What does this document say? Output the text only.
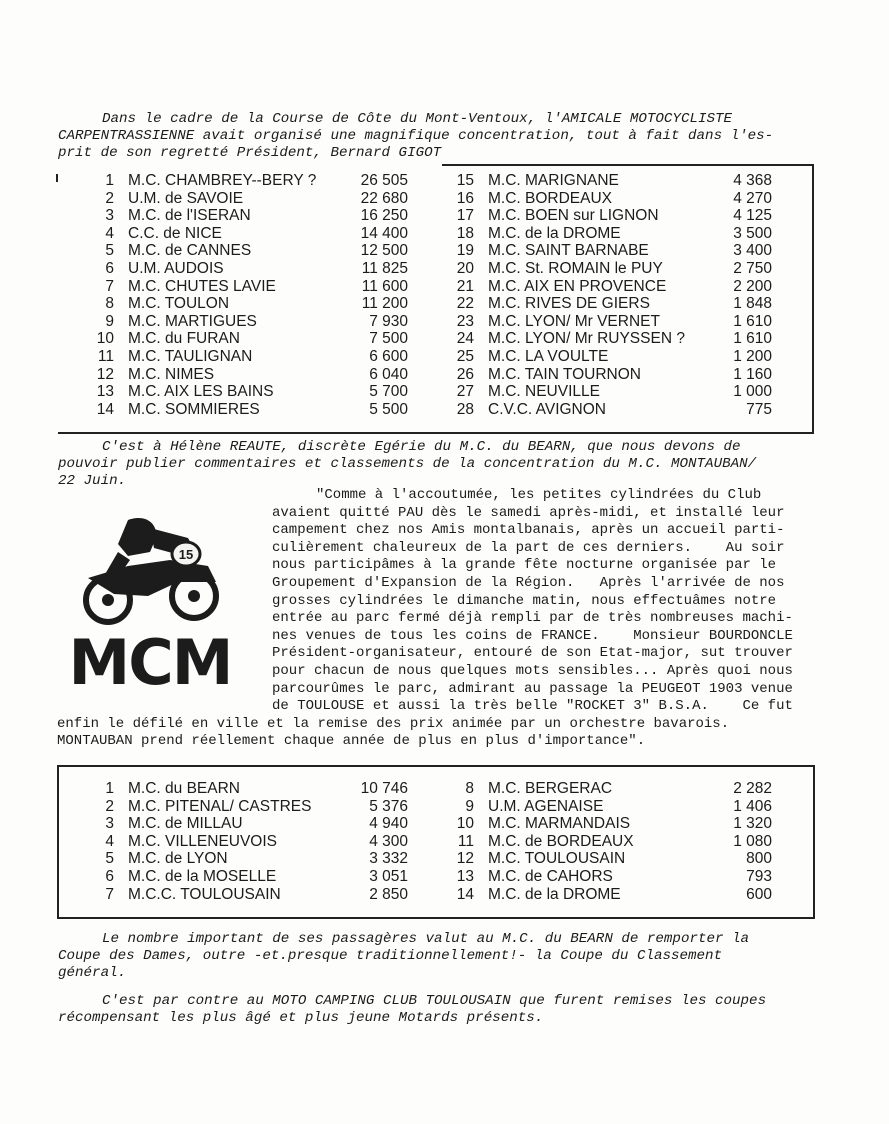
Dans le cadre de la Course de Côte du Mont-Ventoux, l'AMICALE MOTOCYCLISTE
CARPENTRASSIENNE avait organisé une magnifique concentration, tout à fait dans l'es-
prit de son regretté Président, Bernard GIGOT
1 M.C. CHAMBREY--BERY ?	26 505
2 U.M. de SAVOIE	22 680
3 M.C. de l'ISERAN	16 250
4 C.C. de NICE	14 400
5 M.C. de CANNES	12 500
6 U.M. AUDOIS	11 825
7 M.C. CHUTES LAVIE	11 600
8 M.C. TOULON	11 200
9 M.C. MARTIGUES	7 930
10 M.C. du FURAN	7 500
11 M.C. TAULIGNAN	6 600
12 M.C. NIMES	6 040
13 M.C. AIX LES BAINS	5 700
14 M.C. SOMMIERES	5 500
15 M.C. MARIGNANE	4 368
16 M.C. BORDEAUX	4 270
17 M.C. BOEN sur LIGNON	4 125
18 M.C. de la DROME	3 500
19 M.C. SAINT BARNABE	3 400
20 M.C. St. ROMAIN le PUY	2 750
21 M.C. AIX EN PROVENCE	2 200
22 M.C. RIVES DE GIERS	1 848
23 M.C. LYON/ Mr VERNET	1 610
24 M.C. LYON/ Mr RUYSSEN ?	1 610
25 M.C. LA VOULTE	1 200
26 M.C. TAIN TOURNON	1 160
27 M.C. NEUVILLE	1 000
28 C.V.C. AVIGNON	775
C'est à Hélène REAUTE, discrète Egérie du M.C. du BEARN, que nous devons de
pouvoir publier commentaires et classements de la concentration du M.C. MONTAUBAN/
22 Juin.
15
MCM
"Comme à l'accoutumée, les petites cylindrées du Club
avaient quitté PAU dès le samedi après-midi, et installé leur
campement chez nos Amis montalbanais, après un accueil parti-
culièrement chaleureux de la part de ces derniers.    Au soir
nous participâmes à la grande fête nocturne organisée par le
Groupement d'Expansion de la Région.   Après l'arrivée de nos
grosses cylindrées le dimanche matin, nous effectuâmes notre
entrée au parc fermé déjà rempli par de très nombreuses machi-
nes venues de tous les coins de FRANCE.    Monsieur BOURDONCLE
Président-organisateur, entouré de son Etat-major, sut trouver
pour chacun de nous quelques mots sensibles... Après quoi nous
parcourûmes le parc, admirant au passage la PEUGEOT 1903 venue
de TOULOUSE et aussi la très belle "ROCKET 3" B.S.A.    Ce fut
enfin le défilé en ville et la remise des prix animée par un orchestre bavarois.
MONTAUBAN prend réellement chaque année de plus en plus d'importance".
1 M.C. du BEARN	10 746
2 M.C. PITENAL/ CASTRES	5 376
3 M.C. de MILLAU	4 940
4 M.C. VILLENEUVOIS	4 300
5 M.C. de LYON	3 332
6 M.C. de la MOSELLE	3 051
7 M.C.C. TOULOUSAIN	2 850
8 M.C. BERGERAC	2 282
9 U.M. AGENAISE	1 406
10 M.C. MARMANDAIS	1 320
11 M.C. de BORDEAUX	1 080
12 M.C. TOULOUSAIN	800
13 M.C. de CAHORS	793
14 M.C. de la DROME	600
Le nombre important de ses passagères valut au M.C. du BEARN de remporter la
Coupe des Dames, outre -et.presque traditionnellement!- la Coupe du Classement
général.
C'est par contre au MOTO CAMPING CLUB TOULOUSAIN que furent remises les coupes
récompensant les plus âgé et plus jeune Motards présents.
